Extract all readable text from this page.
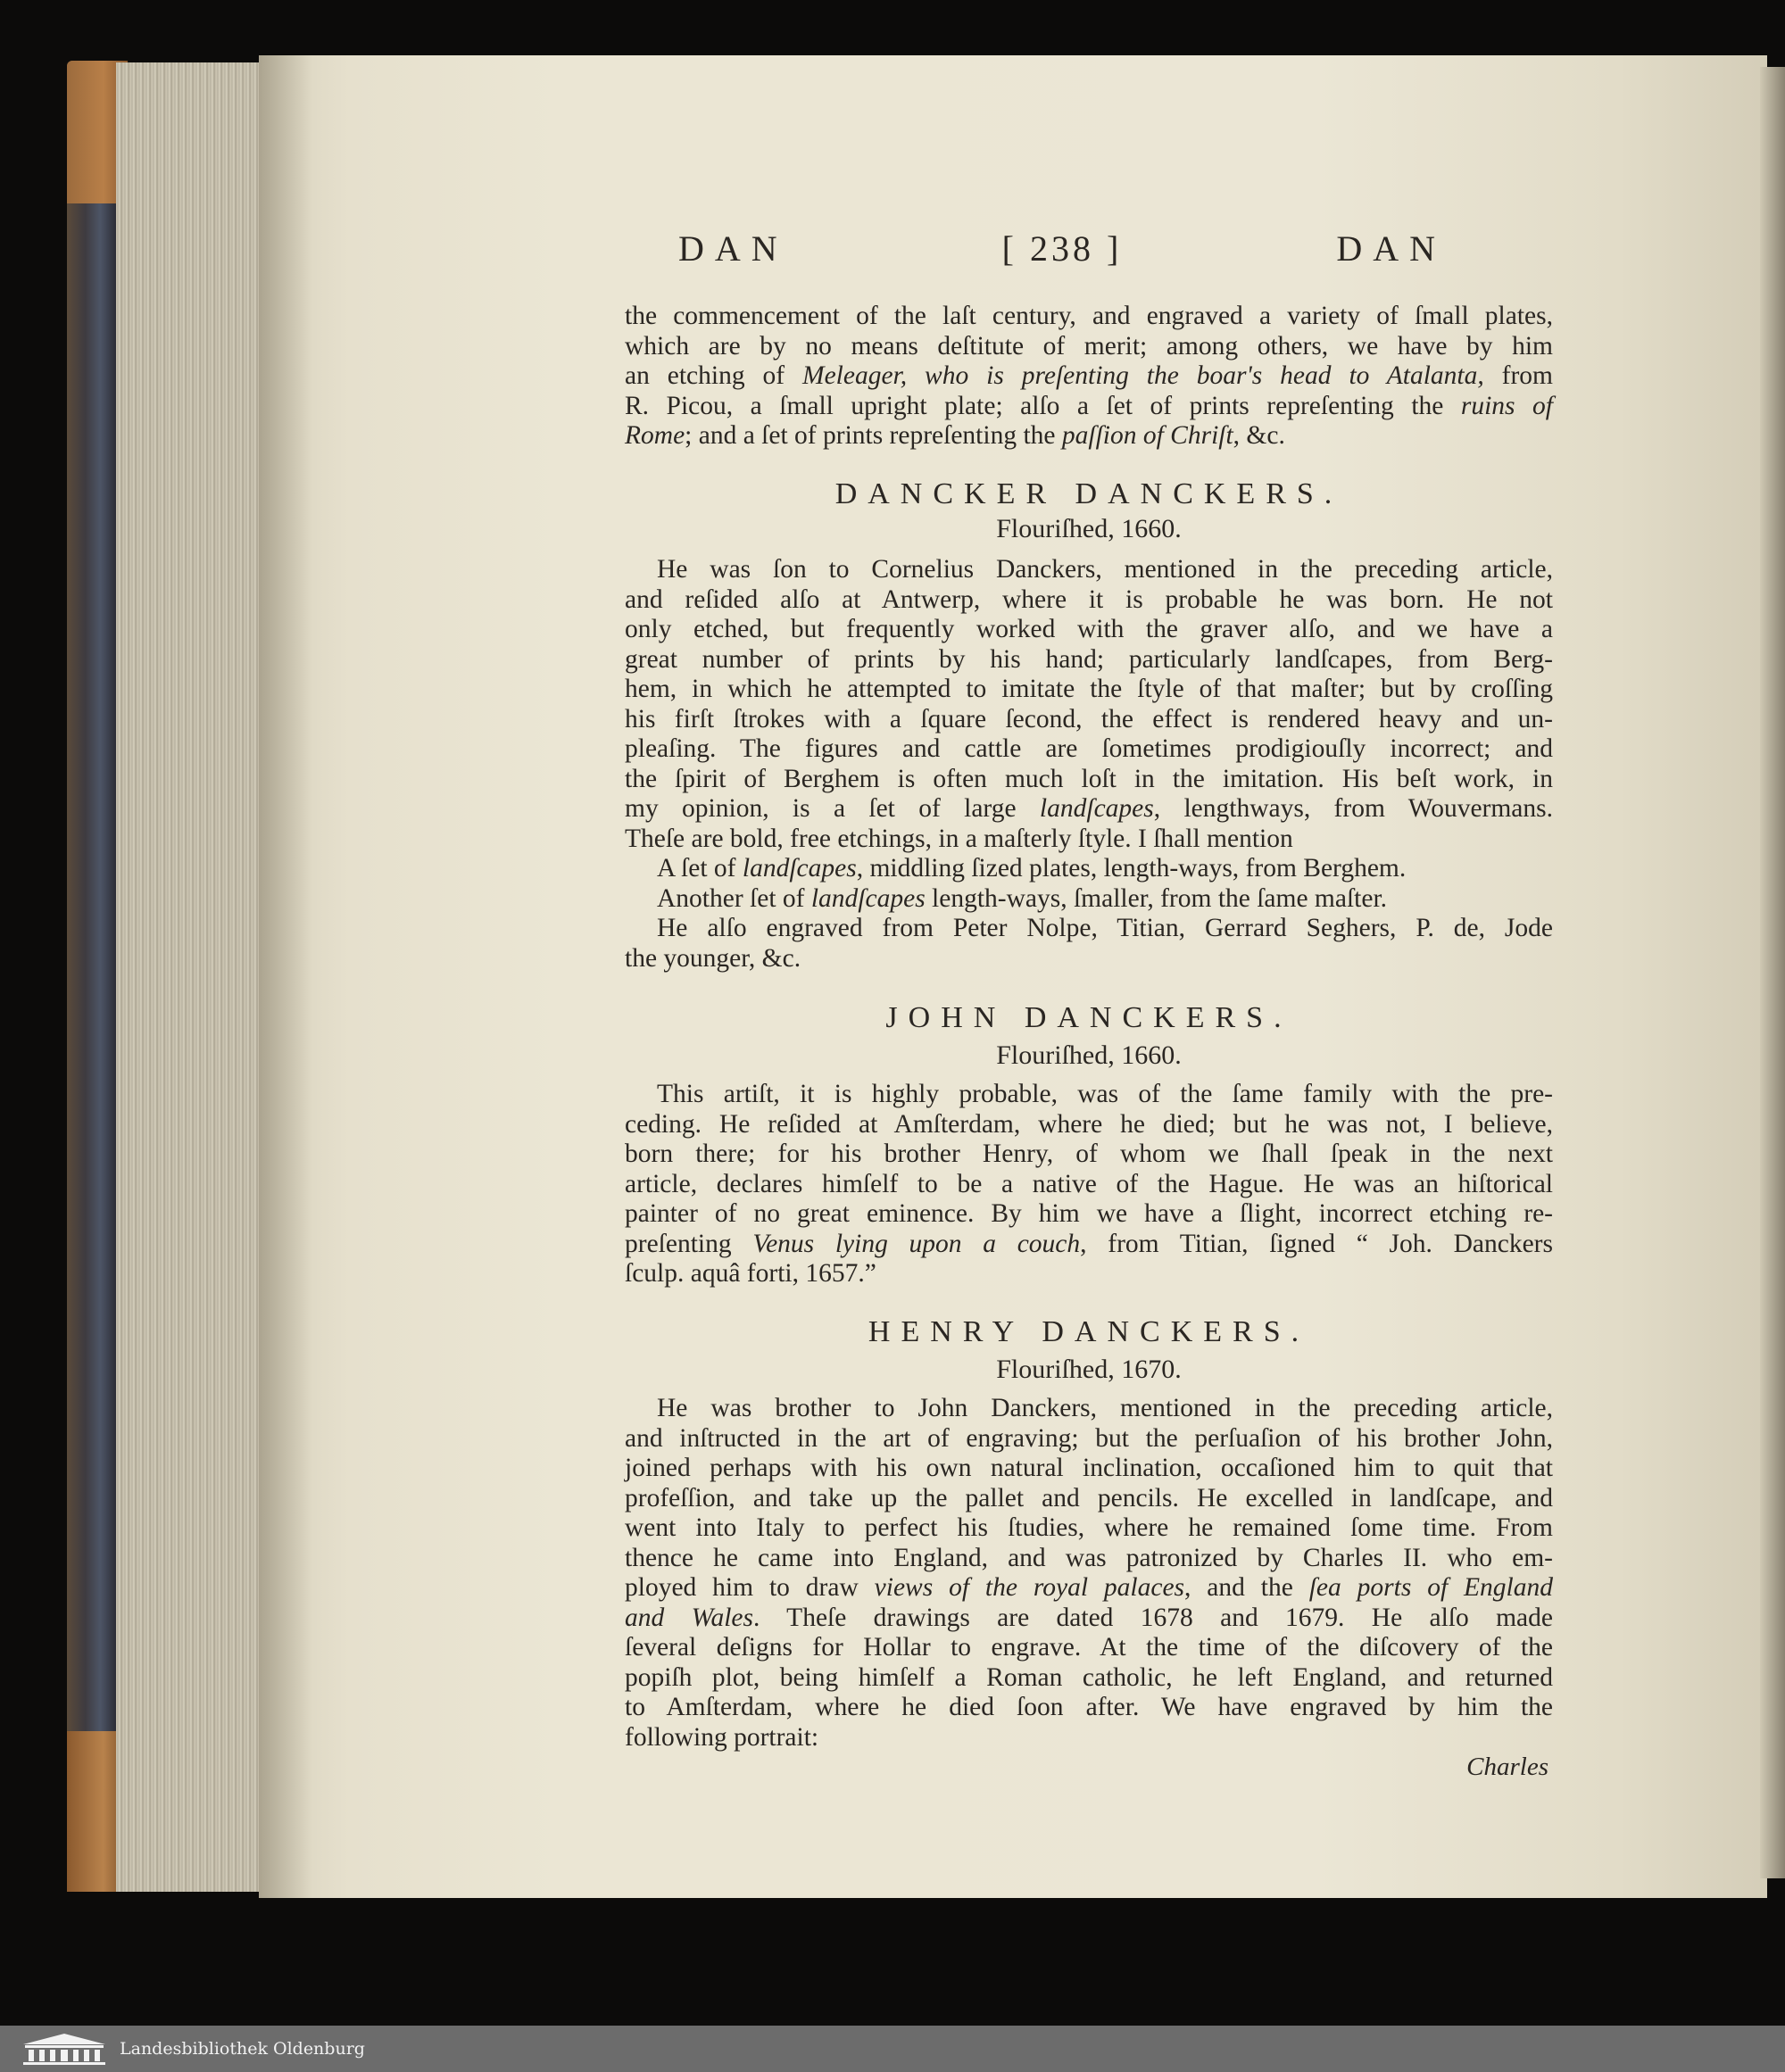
DAN	[ 238 ]	DAN
the commencement of the laſt century, and engraved a variety of ſmall plates,
which are by no means deſtitute of merit; among others, we have by him
an etching of Meleager, who is preſenting the boar's head to Atalanta, from
R. Picou, a ſmall upright plate; alſo a ſet of prints repreſenting the ruins of
Rome; and a ſet of prints repreſenting the paſſion of Chriſt, &c.
DANCKER DANCKERS.
Flouriſhed, 1660.
He was ſon to Cornelius Danckers, mentioned in the preceding article,
and reſided alſo at Antwerp, where it is probable he was born. He not
only etched, but frequently worked with the graver alſo, and we have a
great number of prints by his hand; particularly landſcapes, from Berg-
hem, in which he attempted to imitate the ſtyle of that maſter; but by croſſing
his firſt ſtrokes with a ſquare ſecond, the effect is rendered heavy and un-
pleaſing. The figures and cattle are ſometimes prodigiouſly incorrect; and
the ſpirit of Berghem is often much loſt in the imitation. His beſt work, in
my opinion, is a ſet of large landſcapes, lengthways, from Wouvermans.
Theſe are bold, free etchings, in a maſterly ſtyle. I ſhall mention
A ſet of landſcapes, middling ſized plates, length-ways, from Berghem.
Another ſet of landſcapes length-ways, ſmaller, from the ſame maſter.
He alſo engraved from Peter Nolpe, Titian, Gerrard Seghers, P. de, Jode
the younger, &c.
JOHN DANCKERS.
Flouriſhed, 1660.
This artiſt, it is highly probable, was of the ſame family with the pre-
ceding. He reſided at Amſterdam, where he died; but he was not, I believe,
born there; for his brother Henry, of whom we ſhall ſpeak in the next
article, declares himſelf to be a native of the Hague. He was an hiſtorical
painter of no great eminence. By him we have a ſlight, incorrect etching re-
preſenting Venus lying upon a couch, from Titian, ſigned “ Joh. Danckers
ſculp. aquâ forti, 1657.”
HENRY DANCKERS.
Flouriſhed, 1670.
He was brother to John Danckers, mentioned in the preceding article,
and inſtructed in the art of engraving; but the perſuaſion of his brother John,
joined perhaps with his own natural inclination, occaſioned him to quit that
profeſſion, and take up the pallet and pencils. He excelled in landſcape, and
went into Italy to perfect his ſtudies, where he remained ſome time. From
thence he came into England, and was patronized by Charles II. who em-
ployed him to draw views of the royal palaces, and the ſea ports of England
and Wales. Theſe drawings are dated 1678 and 1679. He alſo made
ſeveral deſigns for Hollar to engrave. At the time of the diſcovery of the
popiſh plot, being himſelf a Roman catholic, he left England, and returned
to Amſterdam, where he died ſoon after. We have engraved by him the
following portrait:
Charles
Landesbibliothek Oldenburg
